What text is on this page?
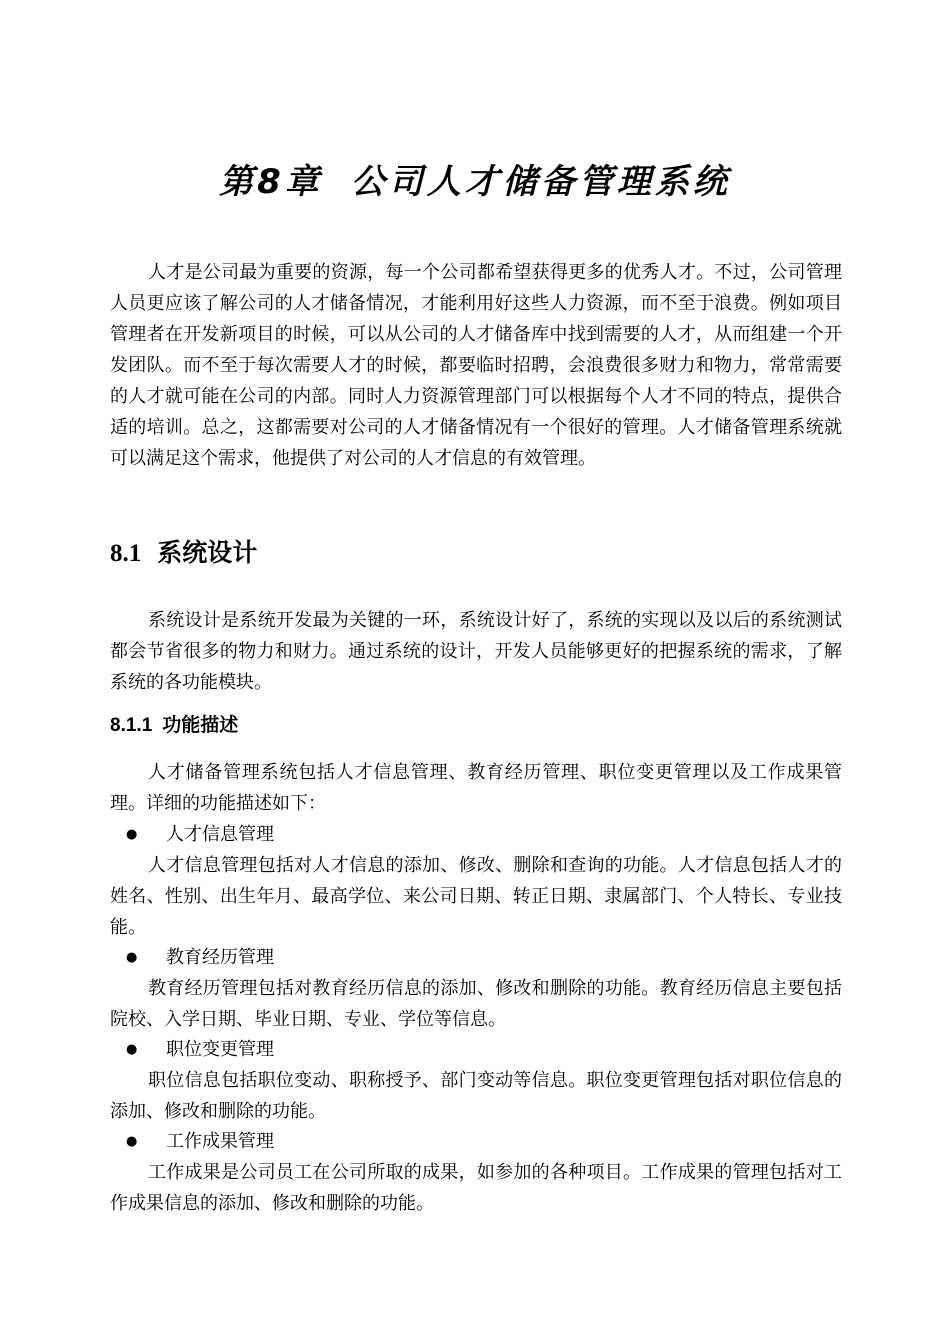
第8章 公司人才储备管理系统

人才是公司最为重要的资源，每一个公司都希望获得更多的优秀人才。不过，公司管理人员更应该了解公司的人才储备情况，才能利用好这些人力资源，而不至于浪费。例如项目管理者在开发新项目的时候，可以从公司的人才储备库中找到需要的人才，从而组建一个开发团队。而不至于每次需要人才的时候，都要临时招聘，会浪费很多财力和物力，常常需要的人才就可能在公司的内部。同时人力资源管理部门可以根据每个人才不同的特点，提供合适的培训。总之，这都需要对公司的人才储备情况有一个很好的管理。人才储备管理系统就可以满足这个需求，他提供了对公司的人才信息的有效管理。

8.1 系统设计

系统设计是系统开发最为关键的一环，系统设计好了，系统的实现以及以后的系统测试都会节省很多的物力和财力。通过系统的设计，开发人员能够更好的把握系统的需求，了解系统的各功能模块。

8.1.1 功能描述

人才储备管理系统包括人才信息管理、教育经历管理、职位变更管理以及工作成果管理。详细的功能描述如下：

● 人才信息管理

人才信息管理包括对人才信息的添加、修改、删除和查询的功能。人才信息包括人才的姓名、性别、出生年月、最高学位、来公司日期、转正日期、隶属部门、个人特长、专业技能。

● 教育经历管理

教育经历管理包括对教育经历信息的添加、修改和删除的功能。教育经历信息主要包括院校、入学日期、毕业日期、专业、学位等信息。

● 职位变更管理

职位信息包括职位变动、职称授予、部门变动等信息。职位变更管理包括对职位信息的添加、修改和删除的功能。

● 工作成果管理

工作成果是公司员工在公司所取的成果，如参加的各种项目。工作成果的管理包括对工作成果信息的添加、修改和删除的功能。
